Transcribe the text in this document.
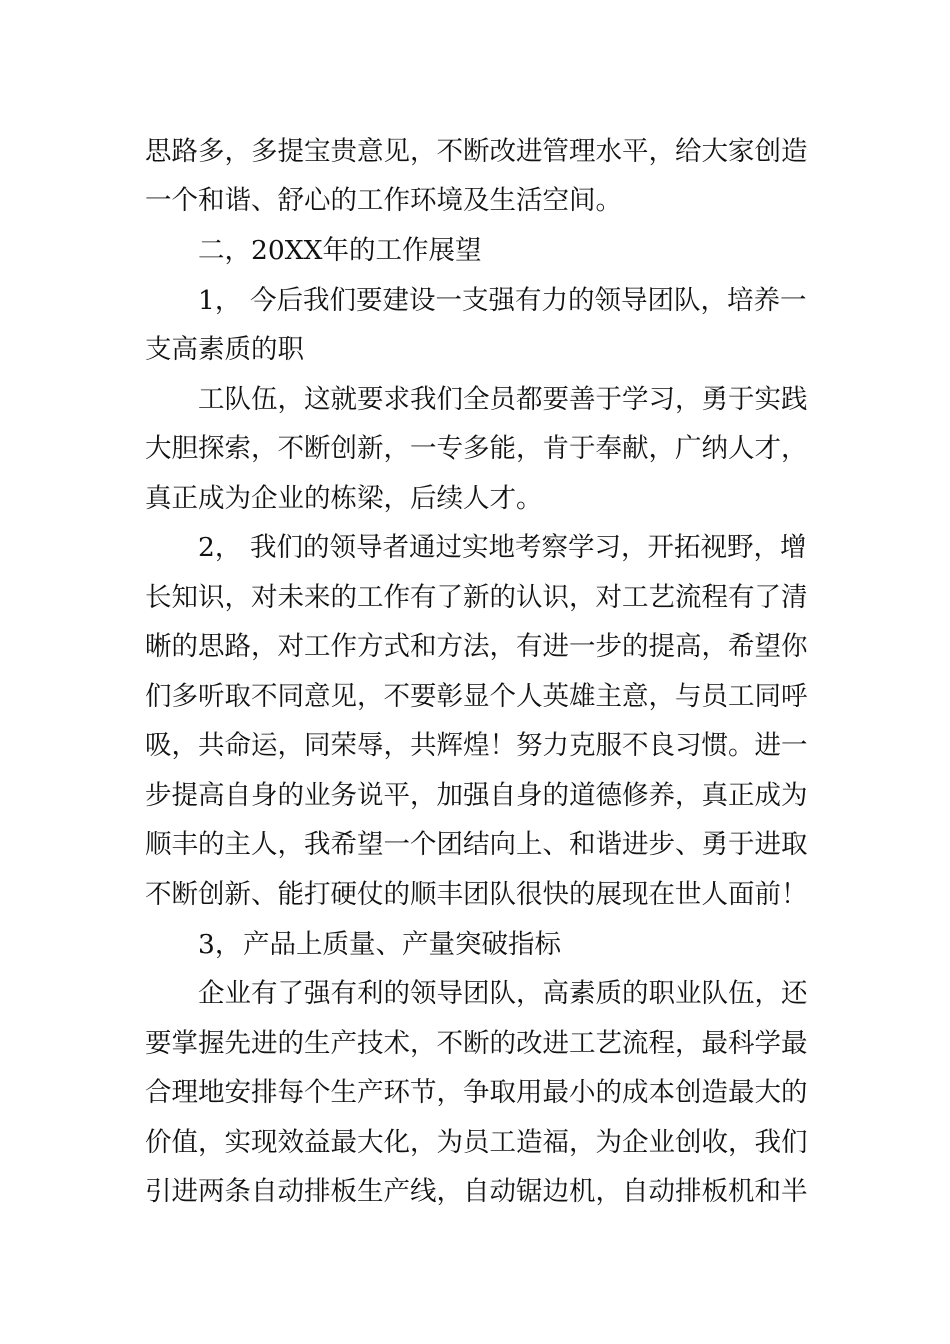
思路多，多提宝贵意见，不断改进管理水平，给大家创造
一个和谐、舒心的工作环境及生活空间。
二，20XX年的工作展望
1， 今后我们要建设一支强有力的领导团队，培养一
支高素质的职
工队伍，这就要求我们全员都要善于学习，勇于实践
大胆探索，不断创新，一专多能，肯于奉献，广纳人才，
真正成为企业的栋梁，后续人才。
2， 我们的领导者通过实地考察学习，开拓视野，增
长知识，对未来的工作有了新的认识，对工艺流程有了清
晰的思路，对工作方式和方法，有进一步的提高，希望你
们多听取不同意见，不要彰显个人英雄主意，与员工同呼
吸，共命运，同荣辱，共辉煌！努力克服不良习惯。进一
步提高自身的业务说平，加强自身的道德修养，真正成为
顺丰的主人，我希望一个团结向上、和谐进步、勇于进取
不断创新、能打硬仗的顺丰团队很快的展现在世人面前！
3， 产品上质量、产量突破指标
企业有了强有利的领导团队，高素质的职业队伍，还
要掌握先进的生产技术，不断的改进工艺流程，最科学最
合理地安排每个生产环节，争取用最小的成本创造最大的
价值，实现效益最大化，为员工造福，为企业创收，我们
引进两条自动排板生产线，自动锯边机，自动排板机和半
